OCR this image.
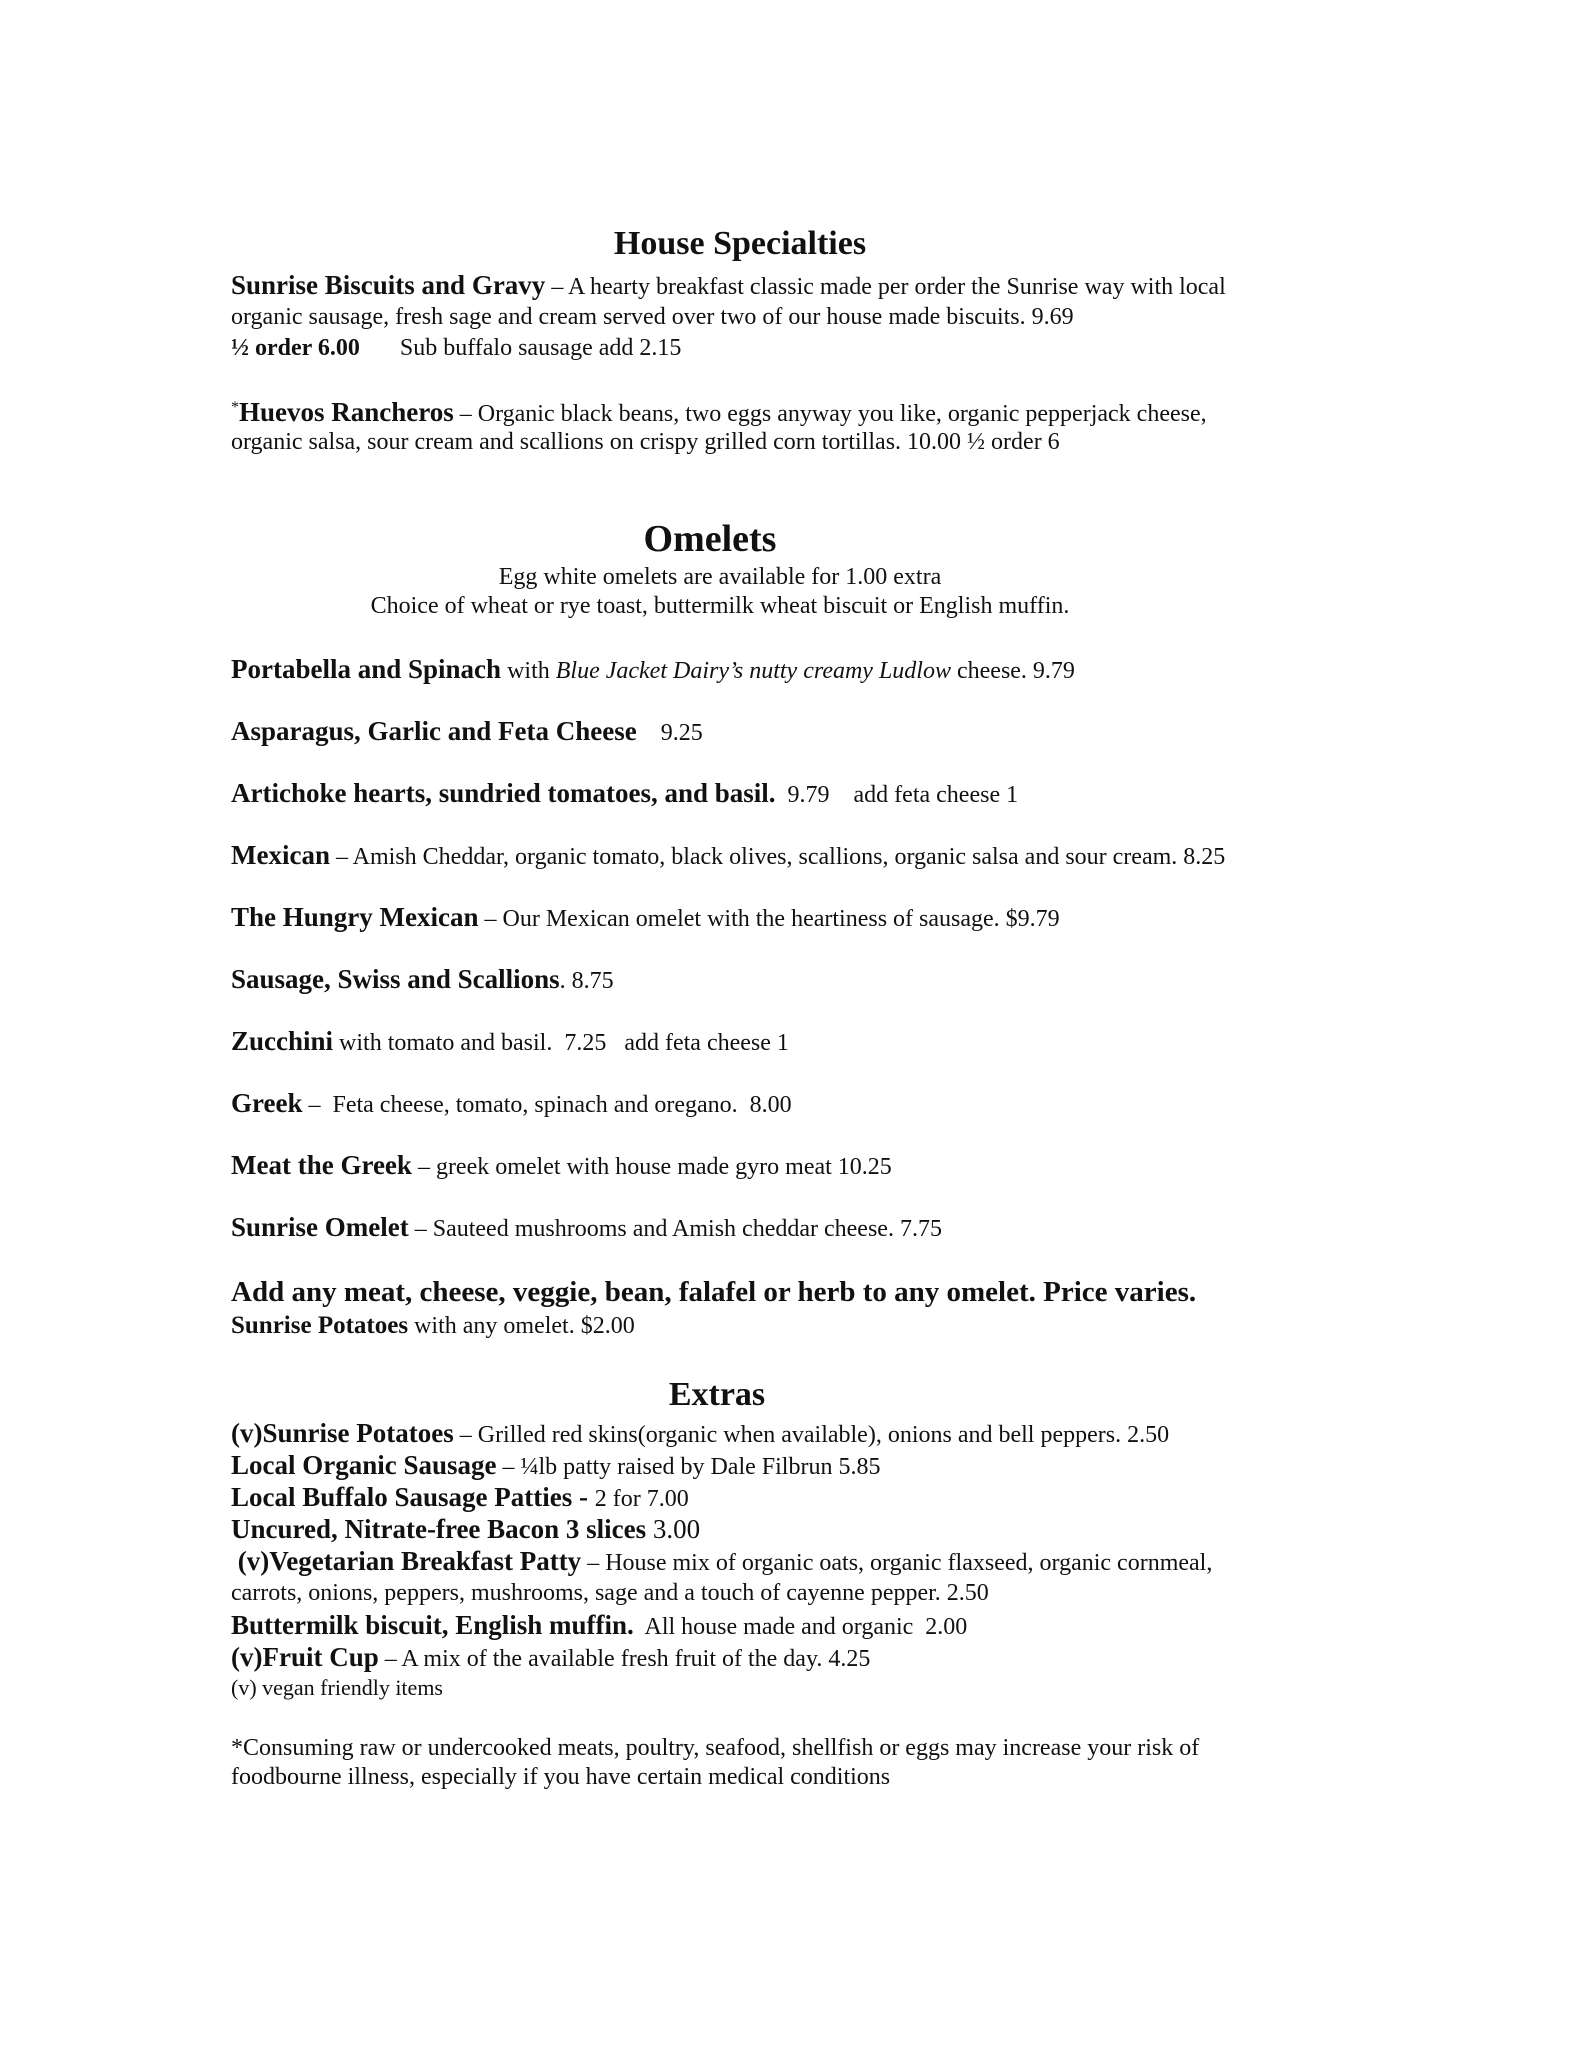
House Specialties
Sunrise Biscuits and Gravy – A hearty breakfast classic made per order the Sunrise way with local
organic sausage, fresh sage and cream served over two of our house made biscuits. 9.69
½ order 6.00 Sub buffalo sausage add 2.15
*Huevos Rancheros – Organic black beans, two eggs anyway you like, organic pepperjack cheese,
organic salsa, sour cream and scallions on crispy grilled corn tortillas. 10.00 ½ order 6
Omelets
Egg white omelets are available for 1.00 extra
Choice of wheat or rye toast, buttermilk wheat biscuit or English muffin.
Portabella and Spinach with Blue Jacket Dairy’s nutty creamy Ludlow cheese. 9.79
Asparagus, Garlic and Feta Cheese    9.25
Artichoke hearts, sundried tomatoes, and basil.  9.79    add feta cheese 1
Mexican – Amish Cheddar, organic tomato, black olives, scallions, organic salsa and sour cream. 8.25
The Hungry Mexican – Our Mexican omelet with the heartiness of sausage. $9.79
Sausage, Swiss and Scallions. 8.75
Zucchini with tomato and basil.  7.25   add feta cheese 1
Greek –  Feta cheese, tomato, spinach and oregano.  8.00
Meat the Greek – greek omelet with house made gyro meat 10.25
Sunrise Omelet – Sauteed mushrooms and Amish cheddar cheese. 7.75
Add any meat, cheese, veggie, bean, falafel or herb to any omelet. Price varies.
Sunrise Potatoes with any omelet. $2.00
Extras
(v)Sunrise Potatoes – Grilled red skins(organic when available), onions and bell peppers. 2.50
Local Organic Sausage – ¼lb patty raised by Dale Filbrun 5.85
Local Buffalo Sausage Patties - 2 for 7.00
Uncured, Nitrate-free Bacon 3 slices 3.00
(v)Vegetarian Breakfast Patty – House mix of organic oats, organic flaxseed, organic cornmeal,
carrots, onions, peppers, mushrooms, sage and a touch of cayenne pepper. 2.50
Buttermilk biscuit, English muffin.  All house made and organic  2.00
(v)Fruit Cup – A mix of the available fresh fruit of the day. 4.25
(v) vegan friendly items
*Consuming raw or undercooked meats, poultry, seafood, shellfish or eggs may increase your risk of
foodbourne illness, especially if you have certain medical conditions
